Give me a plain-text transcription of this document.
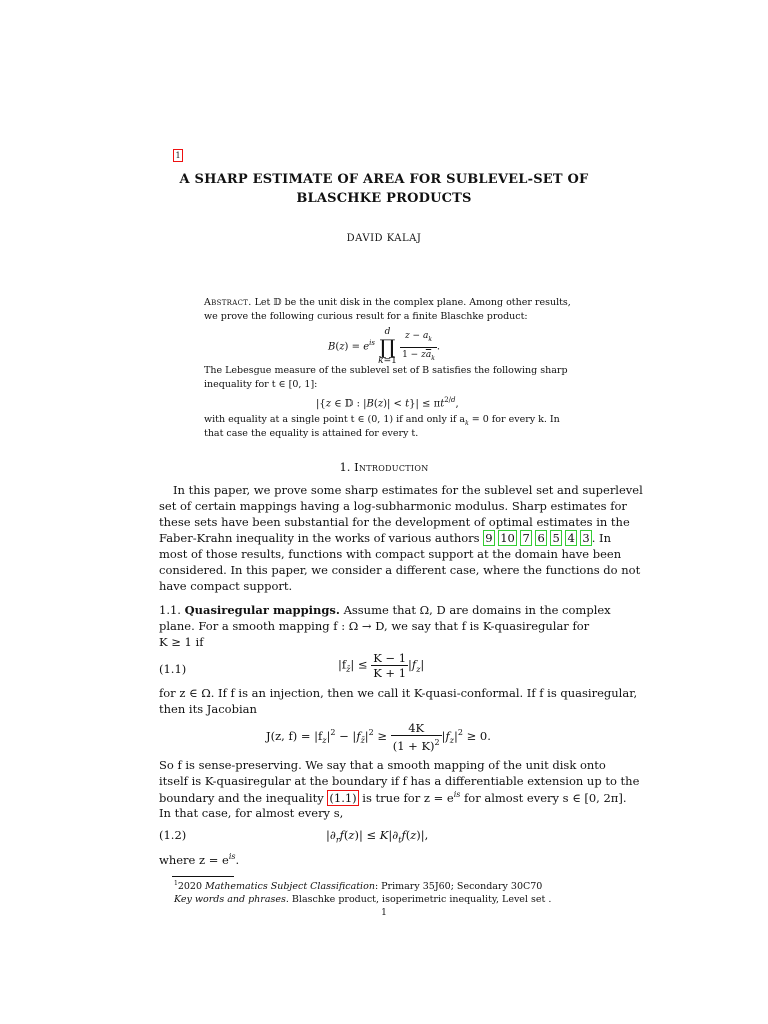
1
A SHARP ESTIMATE OF AREA FOR SUBLEVEL-SET OF
BLASCHKE PRODUCTS
DAVID KALAJ
Abstract. Let 𝔻 be the unit disk in the complex plane. Among other results,
we prove the following curious result for a finite Blaschke product:
$B(z) = e^{is}$
d
∏
k=1
$\frac{z - a_k}{1 - z\overline{a}_k}$ .
The Lebesgue measure of the sublevel set of B satisfies the following sharp
inequality for t ∈ [0, 1]:
|{z ∈ 𝔻 : $|B(z)| < t\}| \le \pi t^{2/d}$,
with equality at a single point t ∈ (0, 1) if and only if $a_k = 0$ for every k. In
that case the equality is attained for every t.
1. Introduction
In this paper, we prove some sharp estimates for the sublevel set and superlevel
set of certain mappings having a log-subharmonic modulus. Sharp estimates for
these sets have been substantial for the development of optimal estimates in the
Faber-Krahn inequality in the works of various authors 9 10 7 6 5 4 3 . In
most of those results, functions with compact support at the domain have been
considered. In this paper, we consider a different case, where the functions do not
have compact support.
1.1. Quasiregular mappings. Assume that Ω, D are domains in the complex
plane. For a smooth mapping f : Ω → D, we say that f is K-quasiregular for
K ≥ 1 if
(1.1)	$|f_{z̄}| \le \frac{K - 1}{K + 1} |f_z|$
for z ∈ Ω. If f is an injection, then we call it K-quasi-conformal. If f is quasiregular,
then its Jacobian
J(z, $f) = |f_z|^2 - |f_{z̄}|^2 \ge \frac{4K}{(1 + K)^2} |f_z|^2 \ge 0$.
So f is sense-preserving. We say that a smooth mapping of the unit disk onto
itself is K-quasiregular at the boundary if f has a differentiable extension up to the
boundary and the inequality (1.1) is true for $z = e^{is}$ for almost every s ∈ [0, 2π].
In that case, for almost every s,
(1.2)	$|\partial_rf(z)| \le K|\partial_tf(z)|$,
where $z = e^{is}$.
$^1$2020 Mathematics Subject Classification: Primary 35J60; Secondary 30C70
Key words and phrases. Blaschke product, isoperimetric inequality, Level set .
1
